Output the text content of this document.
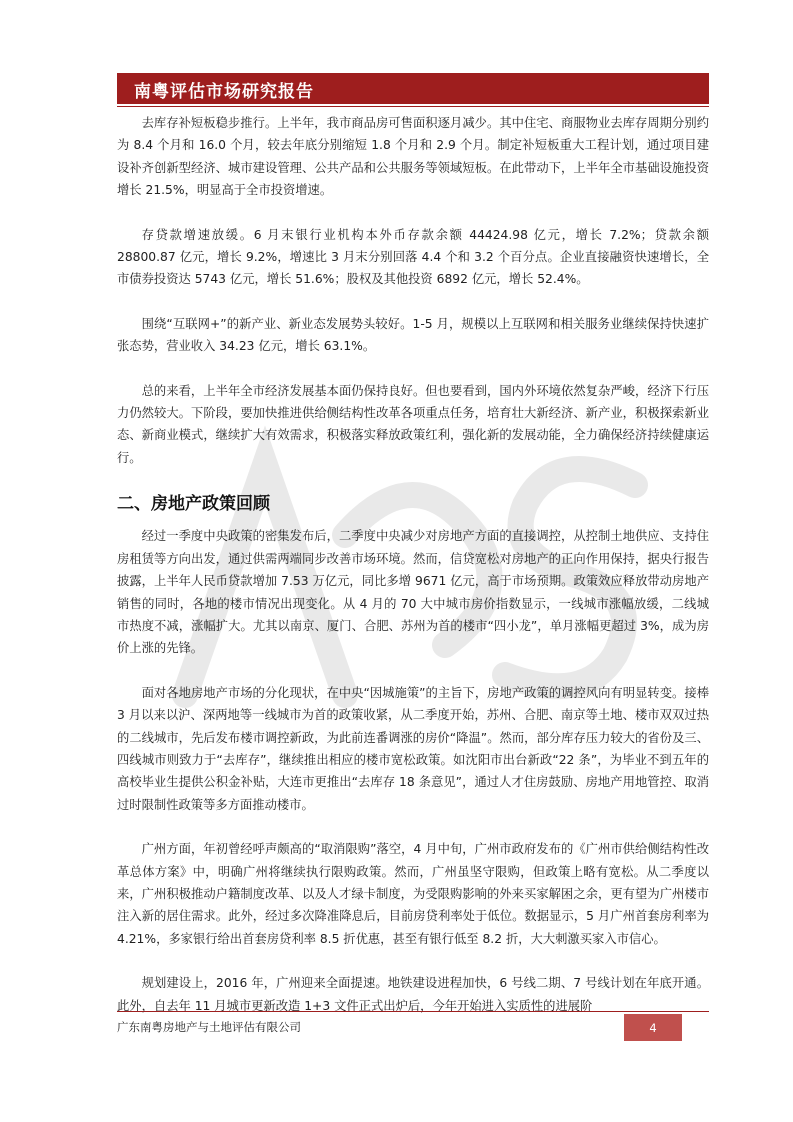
南粤评估市场研究报告

去库存补短板稳步推行。上半年，我市商品房可售面积逐月减少。其中住宅、商服物业去库存周期分别约为 8.4 个月和 16.0 个月，较去年底分别缩短 1.8 个月和 2.9 个月。制定补短板重大工程计划，通过项目建设补齐创新型经济、城市建设管理、公共产品和公共服务等领域短板。在此带动下，上半年全市基础设施投资增长 21.5%，明显高于全市投资增速。

存贷款增速放缓。6 月末银行业机构本外币存款余额 44424.98 亿元，增长 7.2%；贷款余额 28800.87 亿元，增长 9.2%，增速比 3 月末分别回落 4.4 个和 3.2 个百分点。企业直接融资快速增长，全市债券投资达 5743 亿元，增长 51.6%；股权及其他投资 6892 亿元，增长 52.4%。

围绕“互联网+”的新产业、新业态发展势头较好。1-5 月，规模以上互联网和相关服务业继续保持快速扩张态势，营业收入 34.23 亿元，增长 63.1%。

总的来看，上半年全市经济发展基本面仍保持良好。但也要看到，国内外环境依然复杂严峻，经济下行压力仍然较大。下阶段，要加快推进供给侧结构性改革各项重点任务，培育壮大新经济、新产业，积极探索新业态、新商业模式，继续扩大有效需求，积极落实释放政策红利，强化新的发展动能，全力确保经济持续健康运行。

二、房地产政策回顾

经过一季度中央政策的密集发布后，二季度中央减少对房地产方面的直接调控，从控制土地供应、支持住房租赁等方向出发，通过供需两端同步改善市场环境。然而，信贷宽松对房地产的正向作用保持，据央行报告披露，上半年人民币贷款增加 7.53 万亿元，同比多增 9671 亿元，高于市场预期。政策效应释放带动房地产销售的同时，各地的楼市情况出现变化。从 4 月的 70 大中城市房价指数显示，一线城市涨幅放缓，二线城市热度不减，涨幅扩大。尤其以南京、厦门、合肥、苏州为首的楼市“四小龙”，单月涨幅更超过 3%，成为房价上涨的先锋。

面对各地房地产市场的分化现状，在中央“因城施策”的主旨下，房地产政策的调控风向有明显转变。接棒 3 月以来以沪、深两地等一线城市为首的政策收紧，从二季度开始，苏州、合肥、南京等土地、楼市双双过热的二线城市，先后发布楼市调控新政，为此前连番调涨的房价“降温”。然而，部分库存压力较大的省份及三、四线城市则致力于“去库存”，继续推出相应的楼市宽松政策。如沈阳市出台新政“22 条”，为毕业不到五年的高校毕业生提供公积金补贴，大连市更推出“去库存 18 条意见”，通过人才住房鼓励、房地产用地管控、取消过时限制性政策等多方面推动楼市。

广州方面，年初曾经呼声颇高的“取消限购”落空，4 月中旬，广州市政府发布的《广州市供给侧结构性改革总体方案》中，明确广州将继续执行限购政策。然而，广州虽坚守限购，但政策上略有宽松。从二季度以来，广州积极推动户籍制度改革、以及人才绿卡制度，为受限购影响的外来买家解困之余，更有望为广州楼市注入新的居住需求。此外，经过多次降准降息后，目前房贷利率处于低位。数据显示，5 月广州首套房利率为 4.21%，多家银行给出首套房贷利率 8.5 折优惠，甚至有银行低至 8.2 折，大大刺激买家入市信心。

规划建设上，2016 年，广州迎来全面提速。地铁建设进程加快，6 号线二期、7 号线计划在年底开通。此外，自去年 11 月城市更新改造 1+3 文件正式出炉后，今年开始进入实质性的进展阶

广东南粤房地产与土地评估有限公司	4
